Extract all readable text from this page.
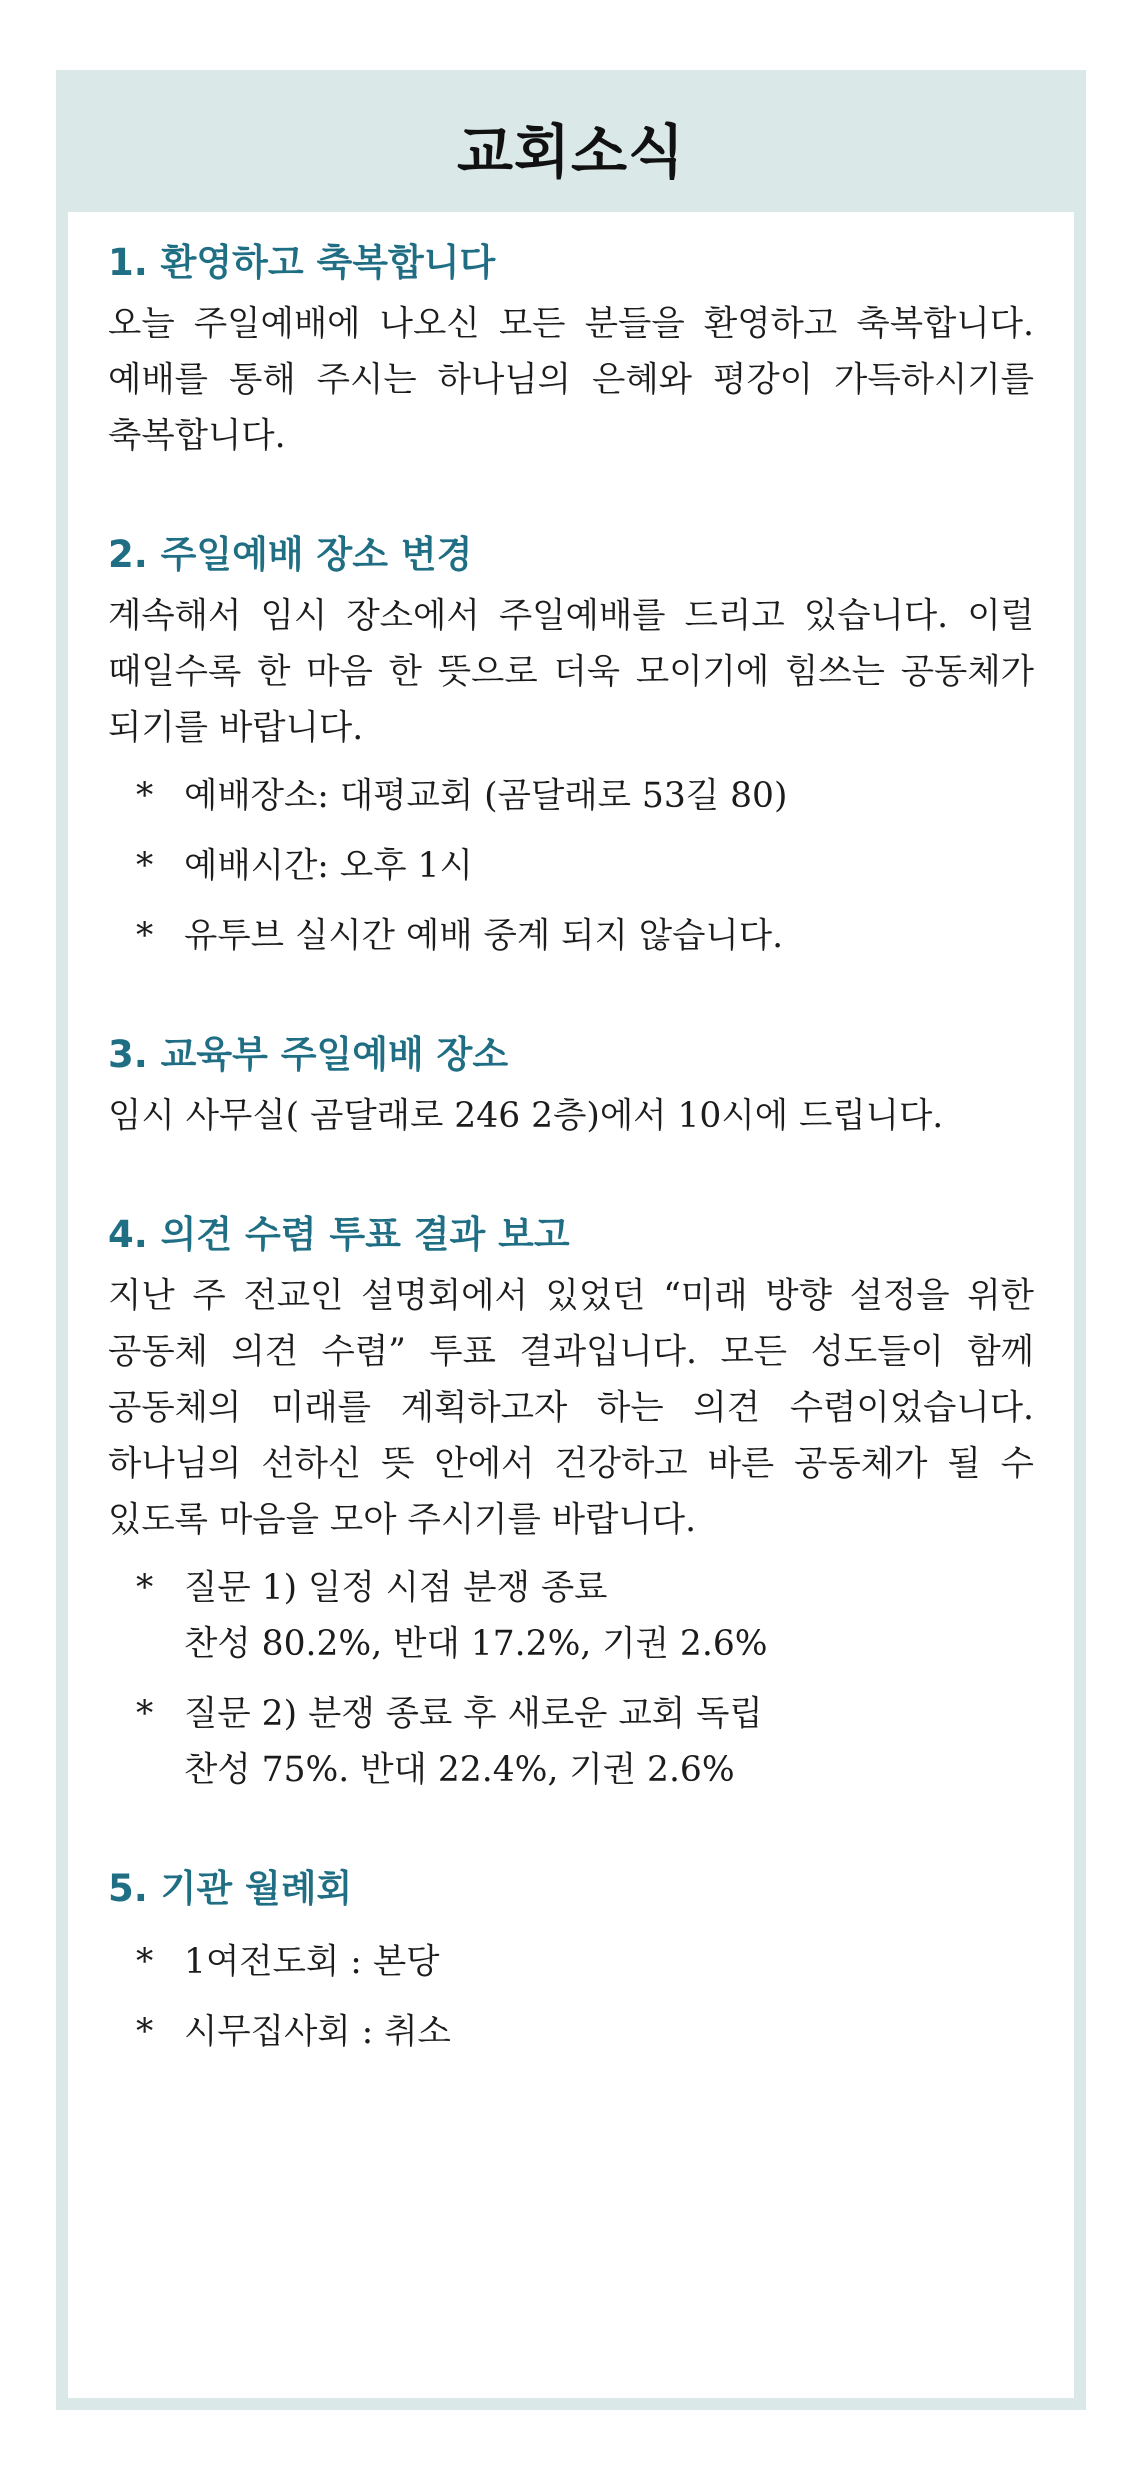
교회소식
1. 환영하고 축복합니다

오늘 주일예배에 나오신 모든 분들을 환영하고 축복합니다. 예배를 통해 주시는 하나님의 은혜와 평강이 가득하시기를 축복합니다.

2. 주일예배 장소 변경

계속해서 임시 장소에서 주일예배를 드리고 있습니다. 이럴 때일수록 한 마음 한 뜻으로 더욱 모이기에 힘쓰는 공동체가 되기를 바랍니다.

* 예배장소: 대평교회 (곰달래로 53길 80)
* 예배시간: 오후 1시
* 유투브 실시간 예배 중계 되지 않습니다.
3. 교육부 주일예배 장소

임시 사무실( 곰달래로 246 2층)에서 10시에 드립니다.

4. 의견 수렴 투표 결과 보고

지난 주 전교인 설명회에서 있었던 “미래 방향 설정을 위한 공동체 의견 수렴” 투표 결과입니다. 모든 성도들이 함께 공동체의 미래를 계획하고자 하는 의견 수렴이었습니다. 하나님의 선하신 뜻 안에서 건강하고 바른 공동체가 될 수 있도록 마음을 모아 주시기를 바랍니다.

* 질문 1) 일정 시점 분쟁 종료
찬성 80.2%, 반대 17.2%, 기권 2.6%
* 질문 2) 분쟁 종료 후 새로운 교회 독립
찬성 75%. 반대 22.4%, 기권 2.6%
5. 기관 월례회
* 1여전도회 : 본당
* 시무집사회 : 취소
